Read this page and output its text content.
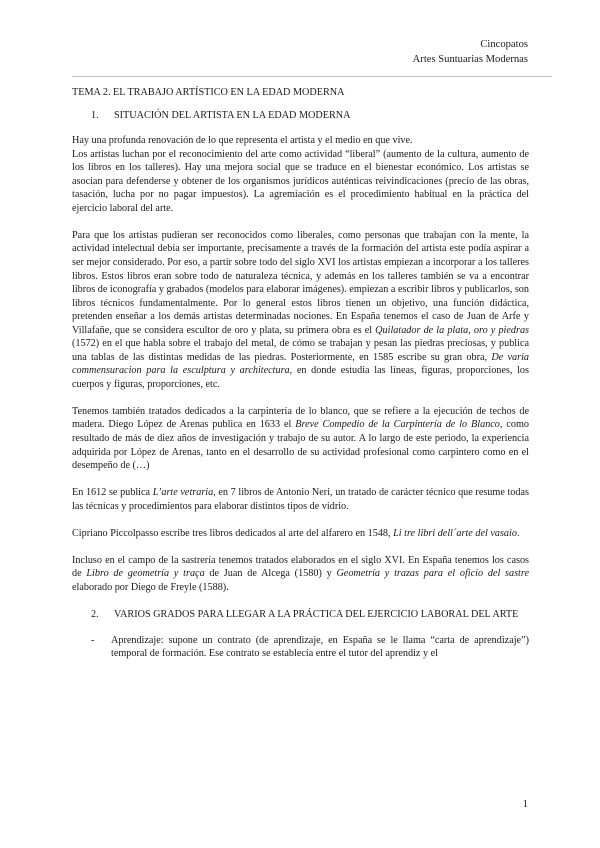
Cincopatos
Artes Suntuarias Modernas

TEMA 2. EL TRABAJO ARTÍSTICO EN LA EDAD MODERNA

1.	SITUACIÓN DEL ARTISTA EN LA EDAD MODERNA

Hay una profunda renovación de lo que representa el artista y el medio en que vive.

Los artistas luchan por el reconocimiento del arte como actividad “liberal” (aumento de la cultura, aumento de los libros en los talleres). Hay una mejora social que se traduce en el bienestar económico. Los artistas se asocian para defenderse y obtener de los organismos jurídicos auténticas reivindicaciones (precio de las obras, tasación, lucha por no pagar impuestos). La agremiación es el procedimiento habitual en la práctica del ejercicio laboral del arte.

Para que los artistas pudieran ser reconocidos como liberales, como personas que trabajan con la mente, la actividad intelectual debía ser importante, precisamente a través de la formación del artista este podía aspirar a ser mejor considerado. Por eso, a partir sobre todo del siglo XVI los artistas empiezan a incorporar a los talleres libros. Estos libros eran sobre todo de naturaleza técnica, y además en los talleres también se va a encontrar libros de iconografía y grabados (modelos para elaborar imágenes). empiezan a escribir libros y publicarlos, son libros técnicos fundamentalmente. Por lo general estos libros tienen un objetivo, una función didáctica, pretenden enseñar a los demás artistas determinadas nociones. En España tenemos el caso de Juan de Arfe y Villafañe, que se considera escultor de oro y plata, su primera obra es el Quilatador de la plata, oro y piedras (1572) en el que habla sobre el trabajo del metal, de cómo se trabajan y pesan las piedras preciosas, y publica una tablas de las distintas medidas de las piedras. Posteriormente, en 1585 escribe su gran obra, De varia commensuracion para la esculptura y architectura, en donde estudia las líneas, figuras, proporciones, los cuerpos y figuras, proporciones, etc.

Tenemos también tratados dedicados a la carpintería de lo blanco, que se refiere a la ejecución de techos de madera. Diego López de Arenas publica en 1633 el Breve Compedio de la Carpintería de lo Blanco, como resultado de más de diez años de investigación y trabajo de su autor. A lo largo de este periodo, la experiencia adquirida por López de Arenas, tanto en el desarrollo de su actividad profesional como carpintero como en el desempeño de (…)

En 1612 se publica L’arte vetraria, en 7 libros de Antonio Neri, un tratado de carácter técnico que resume todas las técnicas y procedimientos para elaborar distintos tipos de vidrio.

Cipriano Piccolpasso escribe tres libros dedicados al arte del alfarero en 1548, Li tre libri dell´arte del vasaio.

Incluso en el campo de la sastrería tenemos tratados elaborados en el siglo XVI. En España tenemos los casos de Libro de geometría y traça de Juan de Alcega (1580) y Geometría y trazas para el oficio del sastre elaborado por Diego de Freyle (1588).

2.	VARIOS GRADOS PARA LLEGAR A LA PRÁCTICA DEL EJERCICIO LABORAL DEL ARTE
-	Aprendizaje: supone un contrato (de aprendizaje, en España se le llama “carta de aprendizaje”) temporal de formación. Ese contrato se establecía entre el tutor del aprendiz y el
1
